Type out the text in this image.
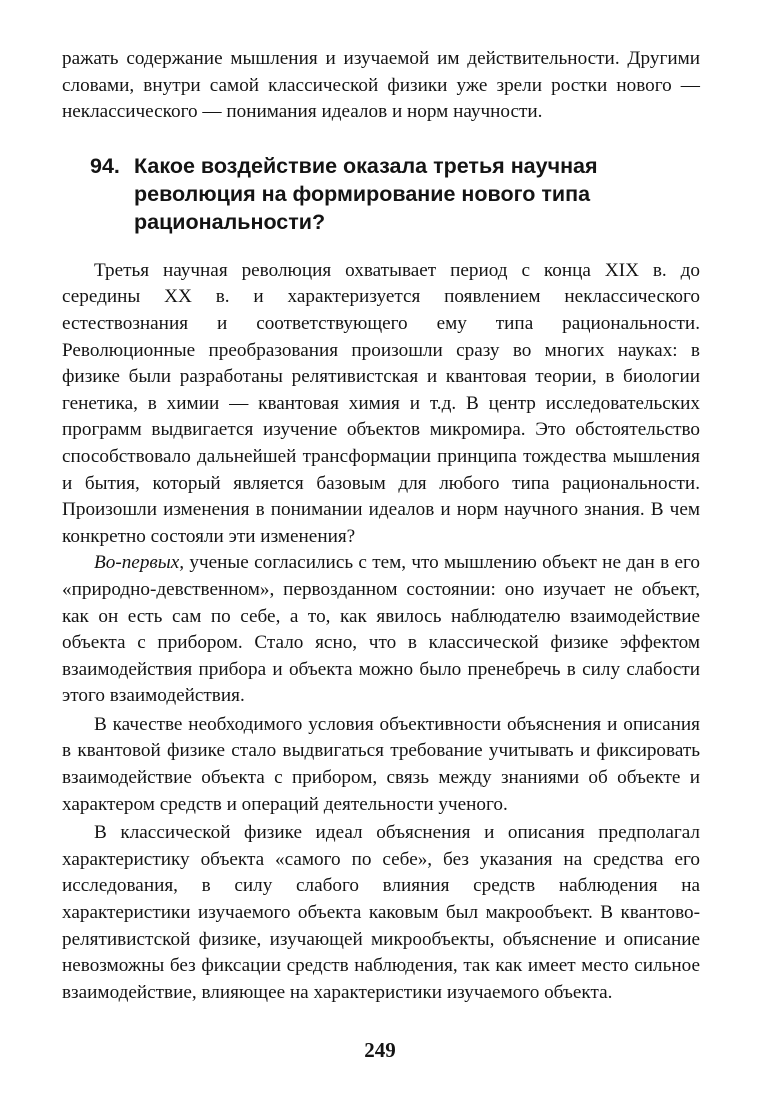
ражать содержание мышления и изучаемой им действительности. Другими словами, внутри самой классической физики уже зрели ростки нового — неклассического — понимания идеалов и норм научности.

94. Какое воздействие оказала третья научная революция на формирование нового типа рациональности?

Третья научная революция охватывает период с конца XIX в. до середины XX в. и характеризуется появлением неклассического естествознания и соответствующего ему типа рациональности. Революционные преобразования произошли сразу во многих науках: в физике были разработаны релятивистская и квантовая теории, в биологии генетика, в химии — квантовая химия и т.д. В центр исследовательских программ выдвигается изучение объектов микромира. Это обстоятельство способствовало дальнейшей трансформации принципа тождества мышления и бытия, который является базовым для любого типа рациональности. Произошли изменения в понимании идеалов и норм научного знания. В чем конкретно состояли эти изменения?

Во-первых, ученые согласились с тем, что мышлению объект не дан в его «природно-девственном», первозданном состоянии: оно изучает не объект, как он есть сам по себе, а то, как явилось наблюдателю взаимодействие объекта с прибором. Стало ясно, что в классической физике эффектом взаимодействия прибора и объекта можно было пренебречь в силу слабости этого взаимодействия.

В качестве необходимого условия объективности объяснения и описания в квантовой физике стало выдвигаться требование учитывать и фиксировать взаимодействие объекта с прибором, связь между знаниями об объекте и характером средств и операций деятельности ученого.

В классической физике идеал объяснения и описания предполагал характеристику объекта «самого по себе», без указания на средства его исследования, в силу слабого влияния средств наблюдения на характеристики изучаемого объекта каковым был макрообъект. В квантово-релятивистской физике, изучающей микрообъекты, объяснение и описание невозможны без фиксации средств наблюдения, так как имеет место сильное взаимодействие, влияющее на характеристики изучаемого объекта.

249
